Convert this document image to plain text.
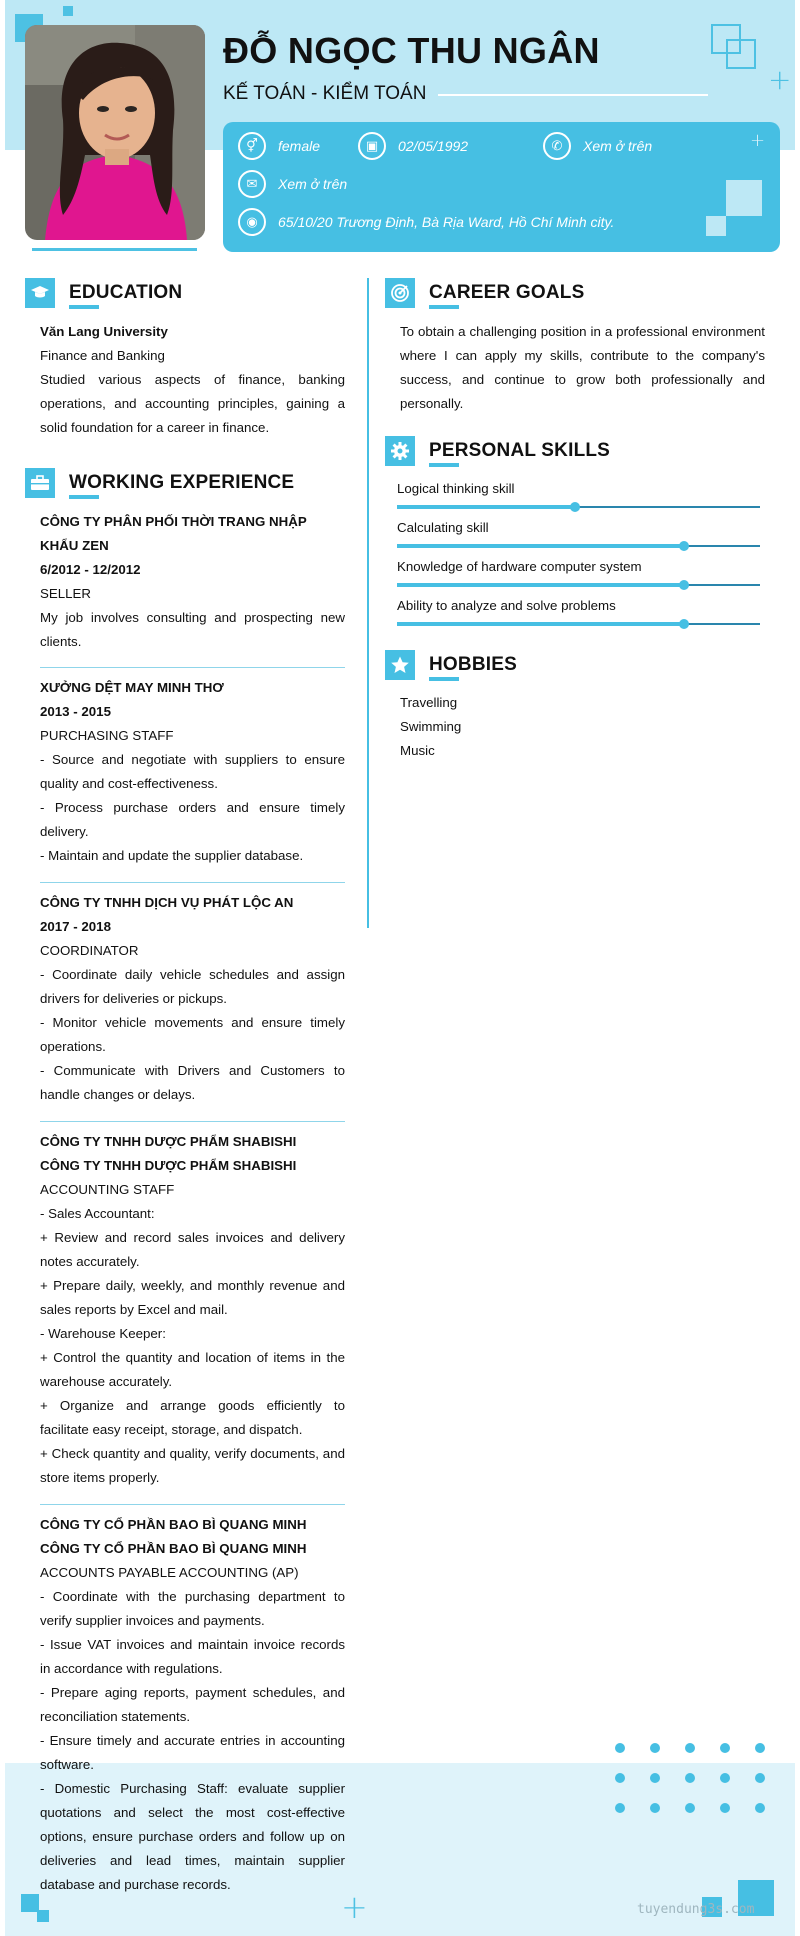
+
ĐỖ NGỌC THU NGÂN
KẾ TOÁN - KIỂM TOÁN
+
⚥	female	▣	02/05/1992	✆	Xem ở trên
✉	Xem ở trên
◉	65/10/20 Trương Định, Bà Rịa Ward, Hồ Chí Minh city.
EDUCATION
Văn Lang University
Finance and Banking
Studied various aspects of finance, banking operations, and accounting principles, gaining a solid foundation for a career in finance.
WORKING EXPERIENCE
CÔNG TY PHÂN PHỐI THỜI TRANG NHẬP KHẨU ZEN
6/2012 - 12/2012
SELLER
My job involves consulting and prospecting new clients.
XƯỞNG DỆT MAY MINH THƠ
2013 - 2015
PURCHASING STAFF
- Source and negotiate with suppliers to ensure quality and cost-effectiveness.
- Process purchase orders and ensure timely delivery.
- Maintain and update the supplier database.
CÔNG TY TNHH DỊCH VỤ PHÁT LỘC AN
2017 - 2018
COORDINATOR
- Coordinate daily vehicle schedules and assign drivers for deliveries or pickups.
- Monitor vehicle movements and ensure timely operations.
- Communicate with Drivers and Customers to handle changes or delays.
CÔNG TY TNHH DƯỢC PHẨM SHABISHI
CÔNG TY TNHH DƯỢC PHẨM SHABISHI
ACCOUNTING STAFF
- Sales Accountant:
+ Review and record sales invoices and delivery notes accurately.
+ Prepare daily, weekly, and monthly revenue and sales reports by Excel and mail.
- Warehouse Keeper:
+ Control the quantity and location of items in the warehouse accurately.
+ Organize and arrange goods efficiently to facilitate easy receipt, storage, and dispatch.
+ Check quantity and quality, verify documents, and store items properly.
+	tuyendung3s.com
CÔNG TY CỔ PHẦN BAO BÌ QUANG MINH
CÔNG TY CỔ PHẦN BAO BÌ QUANG MINH
ACCOUNTS PAYABLE ACCOUNTING (AP)
- Coordinate with the purchasing department to verify supplier invoices and payments.
- Issue VAT invoices and maintain invoice records in accordance with regulations.
- Prepare aging reports, payment schedules, and reconciliation statements.
- Ensure timely and accurate entries in accounting software.
- Domestic Purchasing Staff: evaluate supplier quotations and select the most cost-effective options, ensure purchase orders and follow up on deliveries and lead times, maintain supplier database and purchase records.
CAREER GOALS
To obtain a challenging position in a professional environment where I can apply my skills, contribute to the company's success, and continue to grow both professionally and personally.
PERSONAL SKILLS
Logical thinking skill
Calculating skill
Knowledge of hardware computer system
Ability to analyze and solve problems
HOBBIES
Travelling
Swimming
Music
